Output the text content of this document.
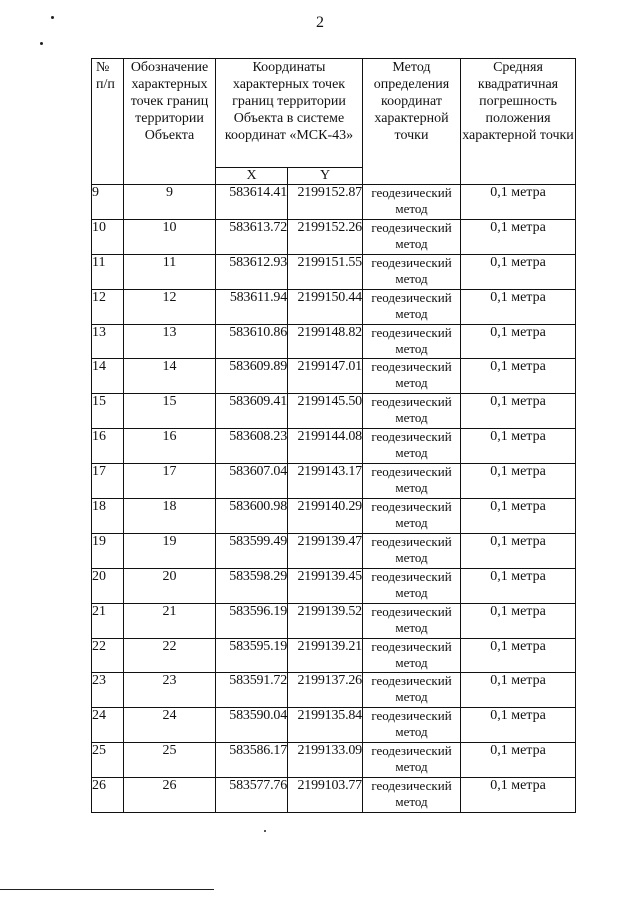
2
№ п/п	Обозначение характерных точек границ территории Объекта	Координаты характерных точек границ территории Объекта в системе координат «МСК-43»		Метод определения координат характерной точки	Средняя квадратичная погрешность положения характерной точки
		X	Y		
9	9	583614.41	2199152.87	геодезический метод	0,1 метра
10	10	583613.72	2199152.26	геодезический метод	0,1 метра
11	11	583612.93	2199151.55	геодезический метод	0,1 метра
12	12	583611.94	2199150.44	геодезический метод	0,1 метра
13	13	583610.86	2199148.82	геодезический метод	0,1 метра
14	14	583609.89	2199147.01	геодезический метод	0,1 метра
15	15	583609.41	2199145.50	геодезический метод	0,1 метра
16	16	583608.23	2199144.08	геодезический метод	0,1 метра
17	17	583607.04	2199143.17	геодезический метод	0,1 метра
18	18	583600.98	2199140.29	геодезический метод	0,1 метра
19	19	583599.49	2199139.47	геодезический метод	0,1 метра
20	20	583598.29	2199139.45	геодезический метод	0,1 метра
21	21	583596.19	2199139.52	геодезический метод	0,1 метра
22	22	583595.19	2199139.21	геодезический метод	0,1 метра
23	23	583591.72	2199137.26	геодезический метод	0,1 метра
24	24	583590.04	2199135.84	геодезический метод	0,1 метра
25	25	583586.17	2199133.09	геодезический метод	0,1 метра
26	26	583577.76	2199103.77	геодезический метод	0,1 метра
